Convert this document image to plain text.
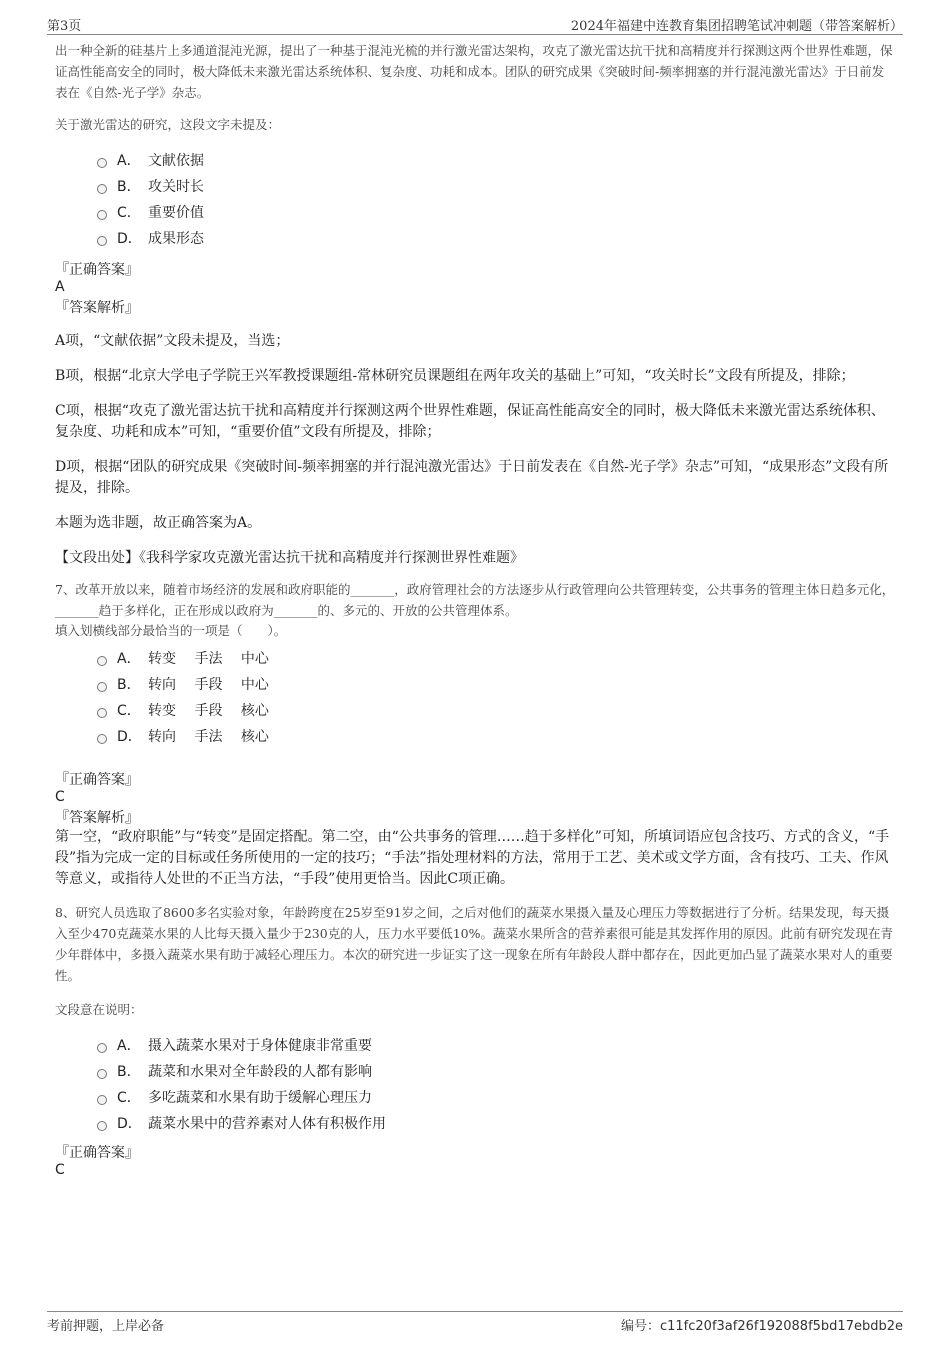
第3页	2024年福建中连教育集团招聘笔试冲刺题（带答案解析）
出一种全新的硅基片上多通道混沌光源，提出了一种基于混沌光梳的并行激光雷达架构，攻克了激光雷达抗干扰和高精度并行探测这两个世界性难题，保证高性能高安全的同时，极大降低未来激光雷达系统体积、复杂度、功耗和成本。团队的研究成果《突破时间-频率拥塞的并行混沌激光雷达》于日前发表在《自然-光子学》杂志。
关于激光雷达的研究，这段文字未提及：
A． 文献依据
B． 攻关时长
C． 重要价值
D． 成果形态
『正确答案』
A
『答案解析』
A项，“文献依据”文段未提及，当选；
B项，根据“北京大学电子学院王兴军教授课题组-常林研究员课题组在两年攻关的基础上”可知，“攻关时长”文段有所提及，排除；
C项，根据“攻克了激光雷达抗干扰和高精度并行探测这两个世界性难题，保证高性能高安全的同时，极大降低未来激光雷达系统体积、复杂度、功耗和成本”可知，“重要价值”文段有所提及，排除；
D项，根据“团队的研究成果《突破时间-频率拥塞的并行混沌激光雷达》于日前发表在《自然-光子学》杂志”可知，“成果形态”文段有所提及，排除。
本题为选非题，故正确答案为A。
【文段出处】《我科学家攻克激光雷达抗干扰和高精度并行探测世界性难题》
7、改革开放以来，随着市场经济的发展和政府职能的_______，政府管理社会的方法逐步从行政管理向公共管理转变，公共事务的管理主体日趋多元化，_______趋于多样化，正在形成以政府为_______的、多元的、开放的公共管理体系。
填入划横线部分最恰当的一项是（　　）。
A． 转变　 手法　 中心
B． 转向　 手段　 中心
C． 转变　 手段　 核心
D． 转向　 手法　 核心
『正确答案』
C
『答案解析』
第一空，“政府职能”与“转变”是固定搭配。第二空，由“公共事务的管理……趋于多样化”可知，所填词语应包含技巧、方式的含义，“手段”指为完成一定的目标或任务所使用的一定的技巧；“手法”指处理材料的方法，常用于工艺、美术或文学方面，含有技巧、工夫、作风等意义，或指待人处世的不正当方法，“手段”使用更恰当。因此C项正确。
8、研究人员选取了8600多名实验对象，年龄跨度在25岁至91岁之间，之后对他们的蔬菜水果摄入量及心理压力等数据进行了分析。结果发现，每天摄入至少470克蔬菜水果的人比每天摄入量少于230克的人，压力水平要低10%。蔬菜水果所含的营养素很可能是其发挥作用的原因。此前有研究发现在青少年群体中，多摄入蔬菜水果有助于减轻心理压力。本次的研究进一步证实了这一现象在所有年龄段人群中都存在，因此更加凸显了蔬菜水果对人的重要性。
文段意在说明：
A． 摄入蔬菜水果对于身体健康非常重要
B． 蔬菜和水果对全年龄段的人都有影响
C． 多吃蔬菜和水果有助于缓解心理压力
D． 蔬菜水果中的营养素对人体有积极作用
『正确答案』
C
考前押题，上岸必备	编号：c11fc20f3af26f192088f5bd17ebdb2e
